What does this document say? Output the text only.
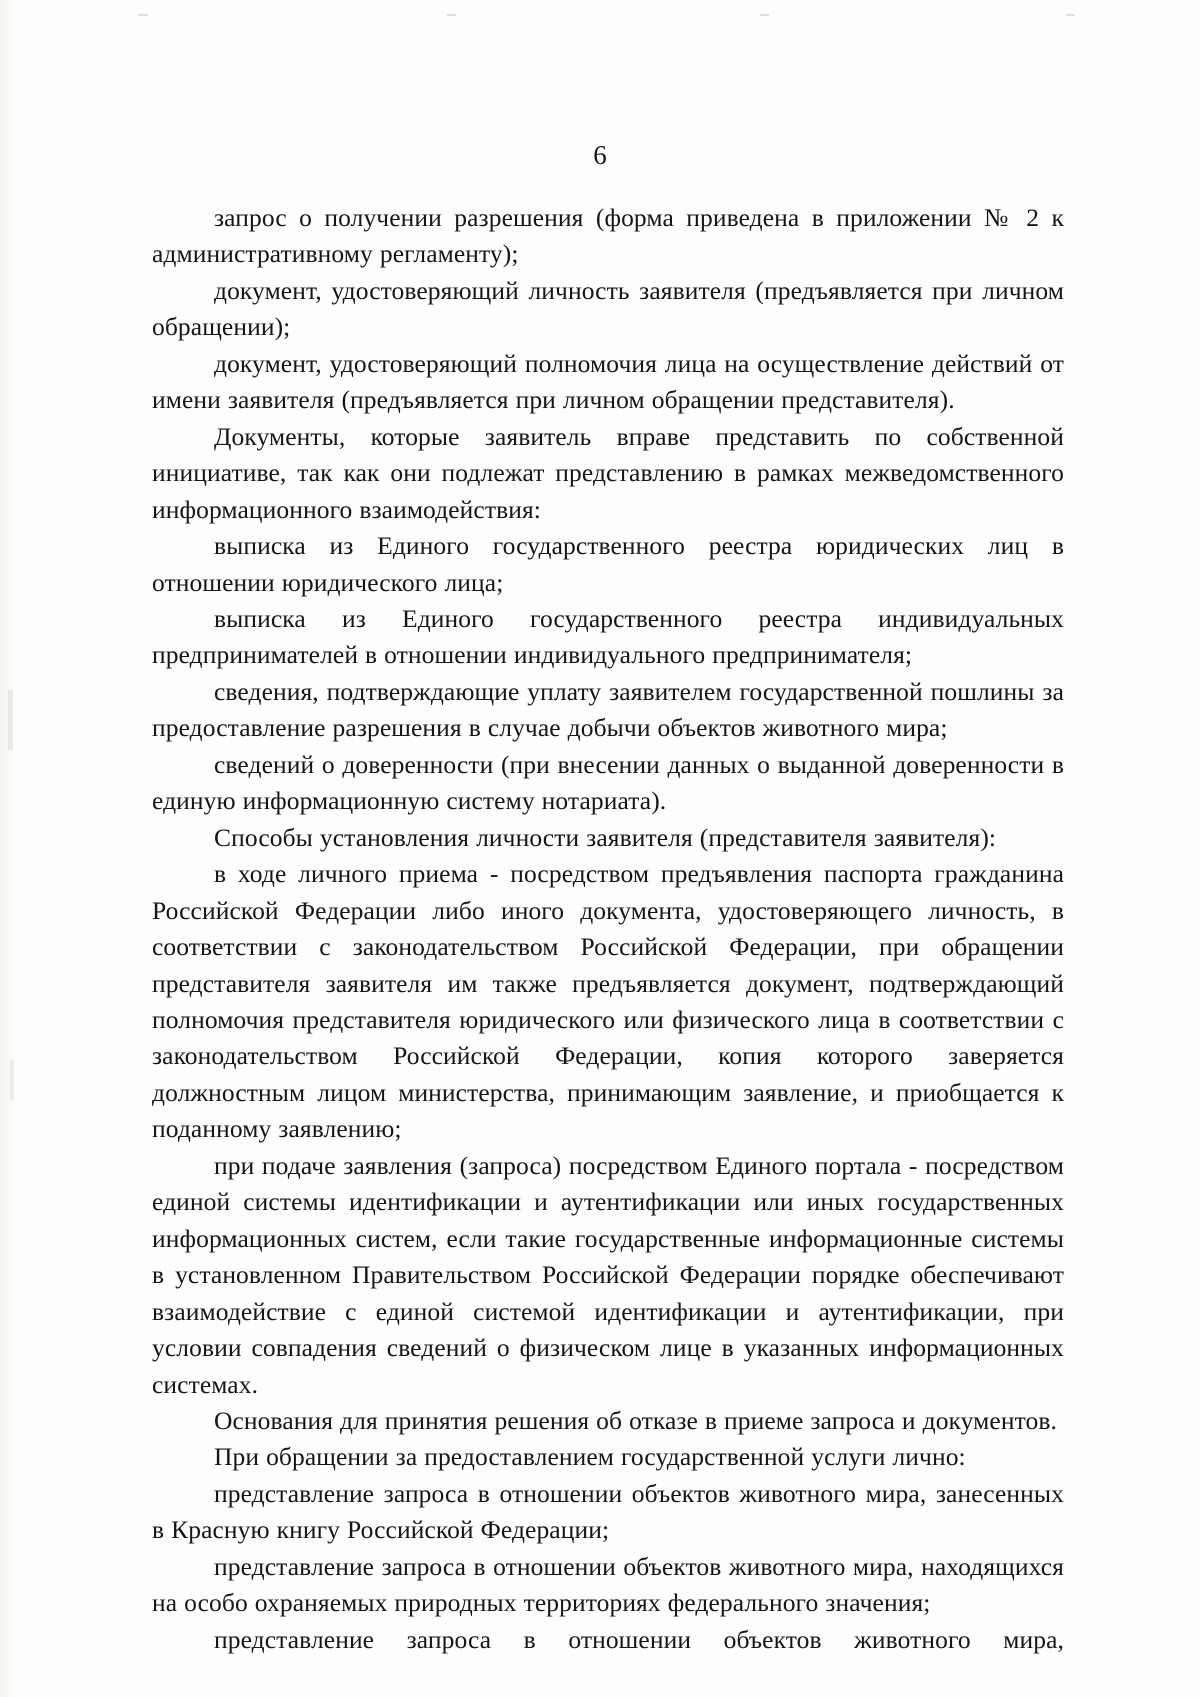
6

запрос о получении разрешения (форма приведена в приложении № 2 к административному регламенту);

документ, удостоверяющий личность заявителя (предъявляется при личном обращении);

документ, удостоверяющий полномочия лица на осуществление действий от имени заявителя (предъявляется при личном обращении представителя).

Документы, которые заявитель вправе представить по собственной инициативе, так как они подлежат представлению в рамках межведомственного информационного взаимодействия:

выписка из Единого государственного реестра юридических лиц в отношении юридического лица;

выписка из Единого государственного реестра индивидуальных предпринимателей в отношении индивидуального предпринимателя;

сведения, подтверждающие уплату заявителем государственной пошлины за предоставление разрешения в случае добычи объектов животного мира;

сведений о доверенности (при внесении данных о выданной доверенности в единую информационную систему нотариата).

Способы установления личности заявителя (представителя заявителя):

в ходе личного приема - посредством предъявления паспорта гражданина Российской Федерации либо иного документа, удостоверяющего личность, в соответствии с законодательством Российской Федерации, при обращении представителя заявителя им также предъявляется документ, подтверждающий полномочия представителя юридического или физического лица в соответствии с законодательством Российской Федерации, копия которого заверяется должностным лицом министерства, принимающим заявление, и приобщается к поданному заявлению;

при подаче заявления (запроса) посредством Единого портала - посредством единой системы идентификации и аутентификации или иных государственных информационных систем, если такие государственные информационные системы в установленном Правительством Российской Федерации порядке обеспечивают взаимодействие с единой системой идентификации и аутентификации, при условии совпадения сведений о физическом лице в указанных информационных системах.

Основания для принятия решения об отказе в приеме запроса и документов.

При обращении за предоставлением государственной услуги лично:

представление запроса в отношении объектов животного мира, занесенных в Красную книгу Российской Федерации;

представление запроса в отношении объектов животного мира, находящихся на особо охраняемых природных территориях федерального значения;

представление запроса в отношении объектов животного мира,
